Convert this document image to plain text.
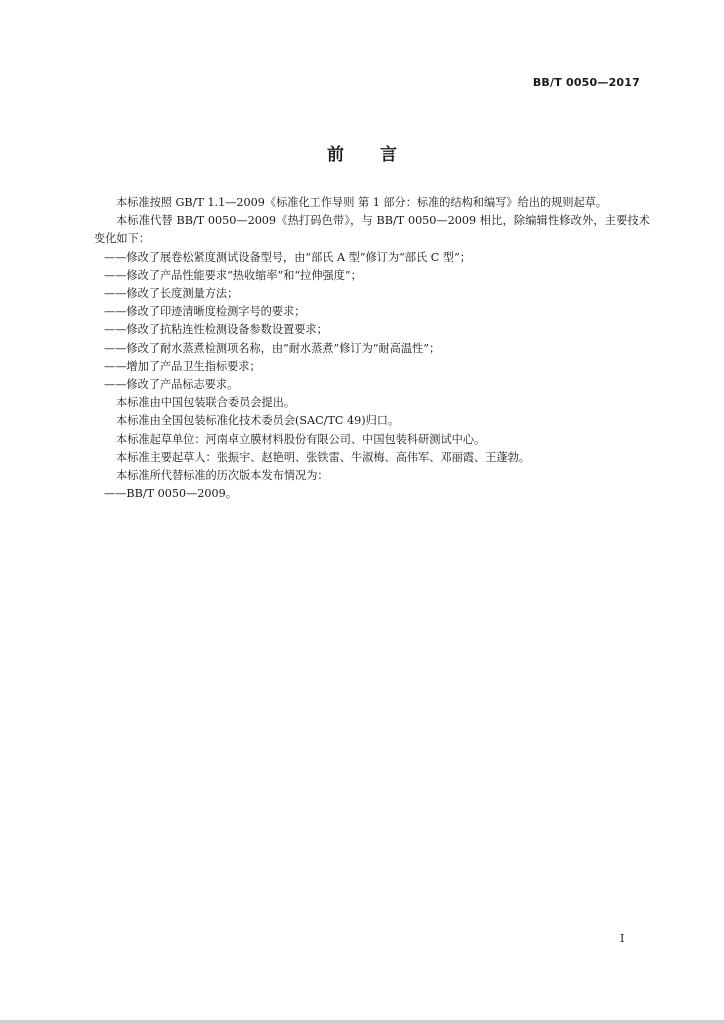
BB/T 0050—2017
前言

本标准按照 GB/T 1.1—2009《标准化工作导则 第 1 部分：标准的结构和编写》给出的规则起草。

本标准代替 BB/T 0050—2009《热打码色带》，与 BB/T 0050—2009 相比，除编辑性修改外，主要技术变化如下：

——修改了展卷松紧度测试设备型号，由“部氏 A 型”修订为“部氏 C 型”；

——修改了产品性能要求“热收缩率”和“拉伸强度”；

——修改了长度测量方法；

——修改了印迹清晰度检测字号的要求；

——修改了抗粘连性检测设备参数设置要求；

——修改了耐水蒸煮检测项名称，由“耐水蒸煮”修订为“耐高温性”；

——增加了产品卫生指标要求；

——修改了产品标志要求。

本标准由中国包装联合委员会提出。

本标准由全国包装标准化技术委员会(SAC/TC 49)归口。

本标准起草单位：河南卓立膜材料股份有限公司、中国包装科研测试中心。

本标准主要起草人：张振宇、赵艳明、张铁雷、牛淑梅、高伟军、邓丽霞、王蓬勃。

本标准所代替标准的历次版本发布情况为：

——BB/T 0050—2009。

I
